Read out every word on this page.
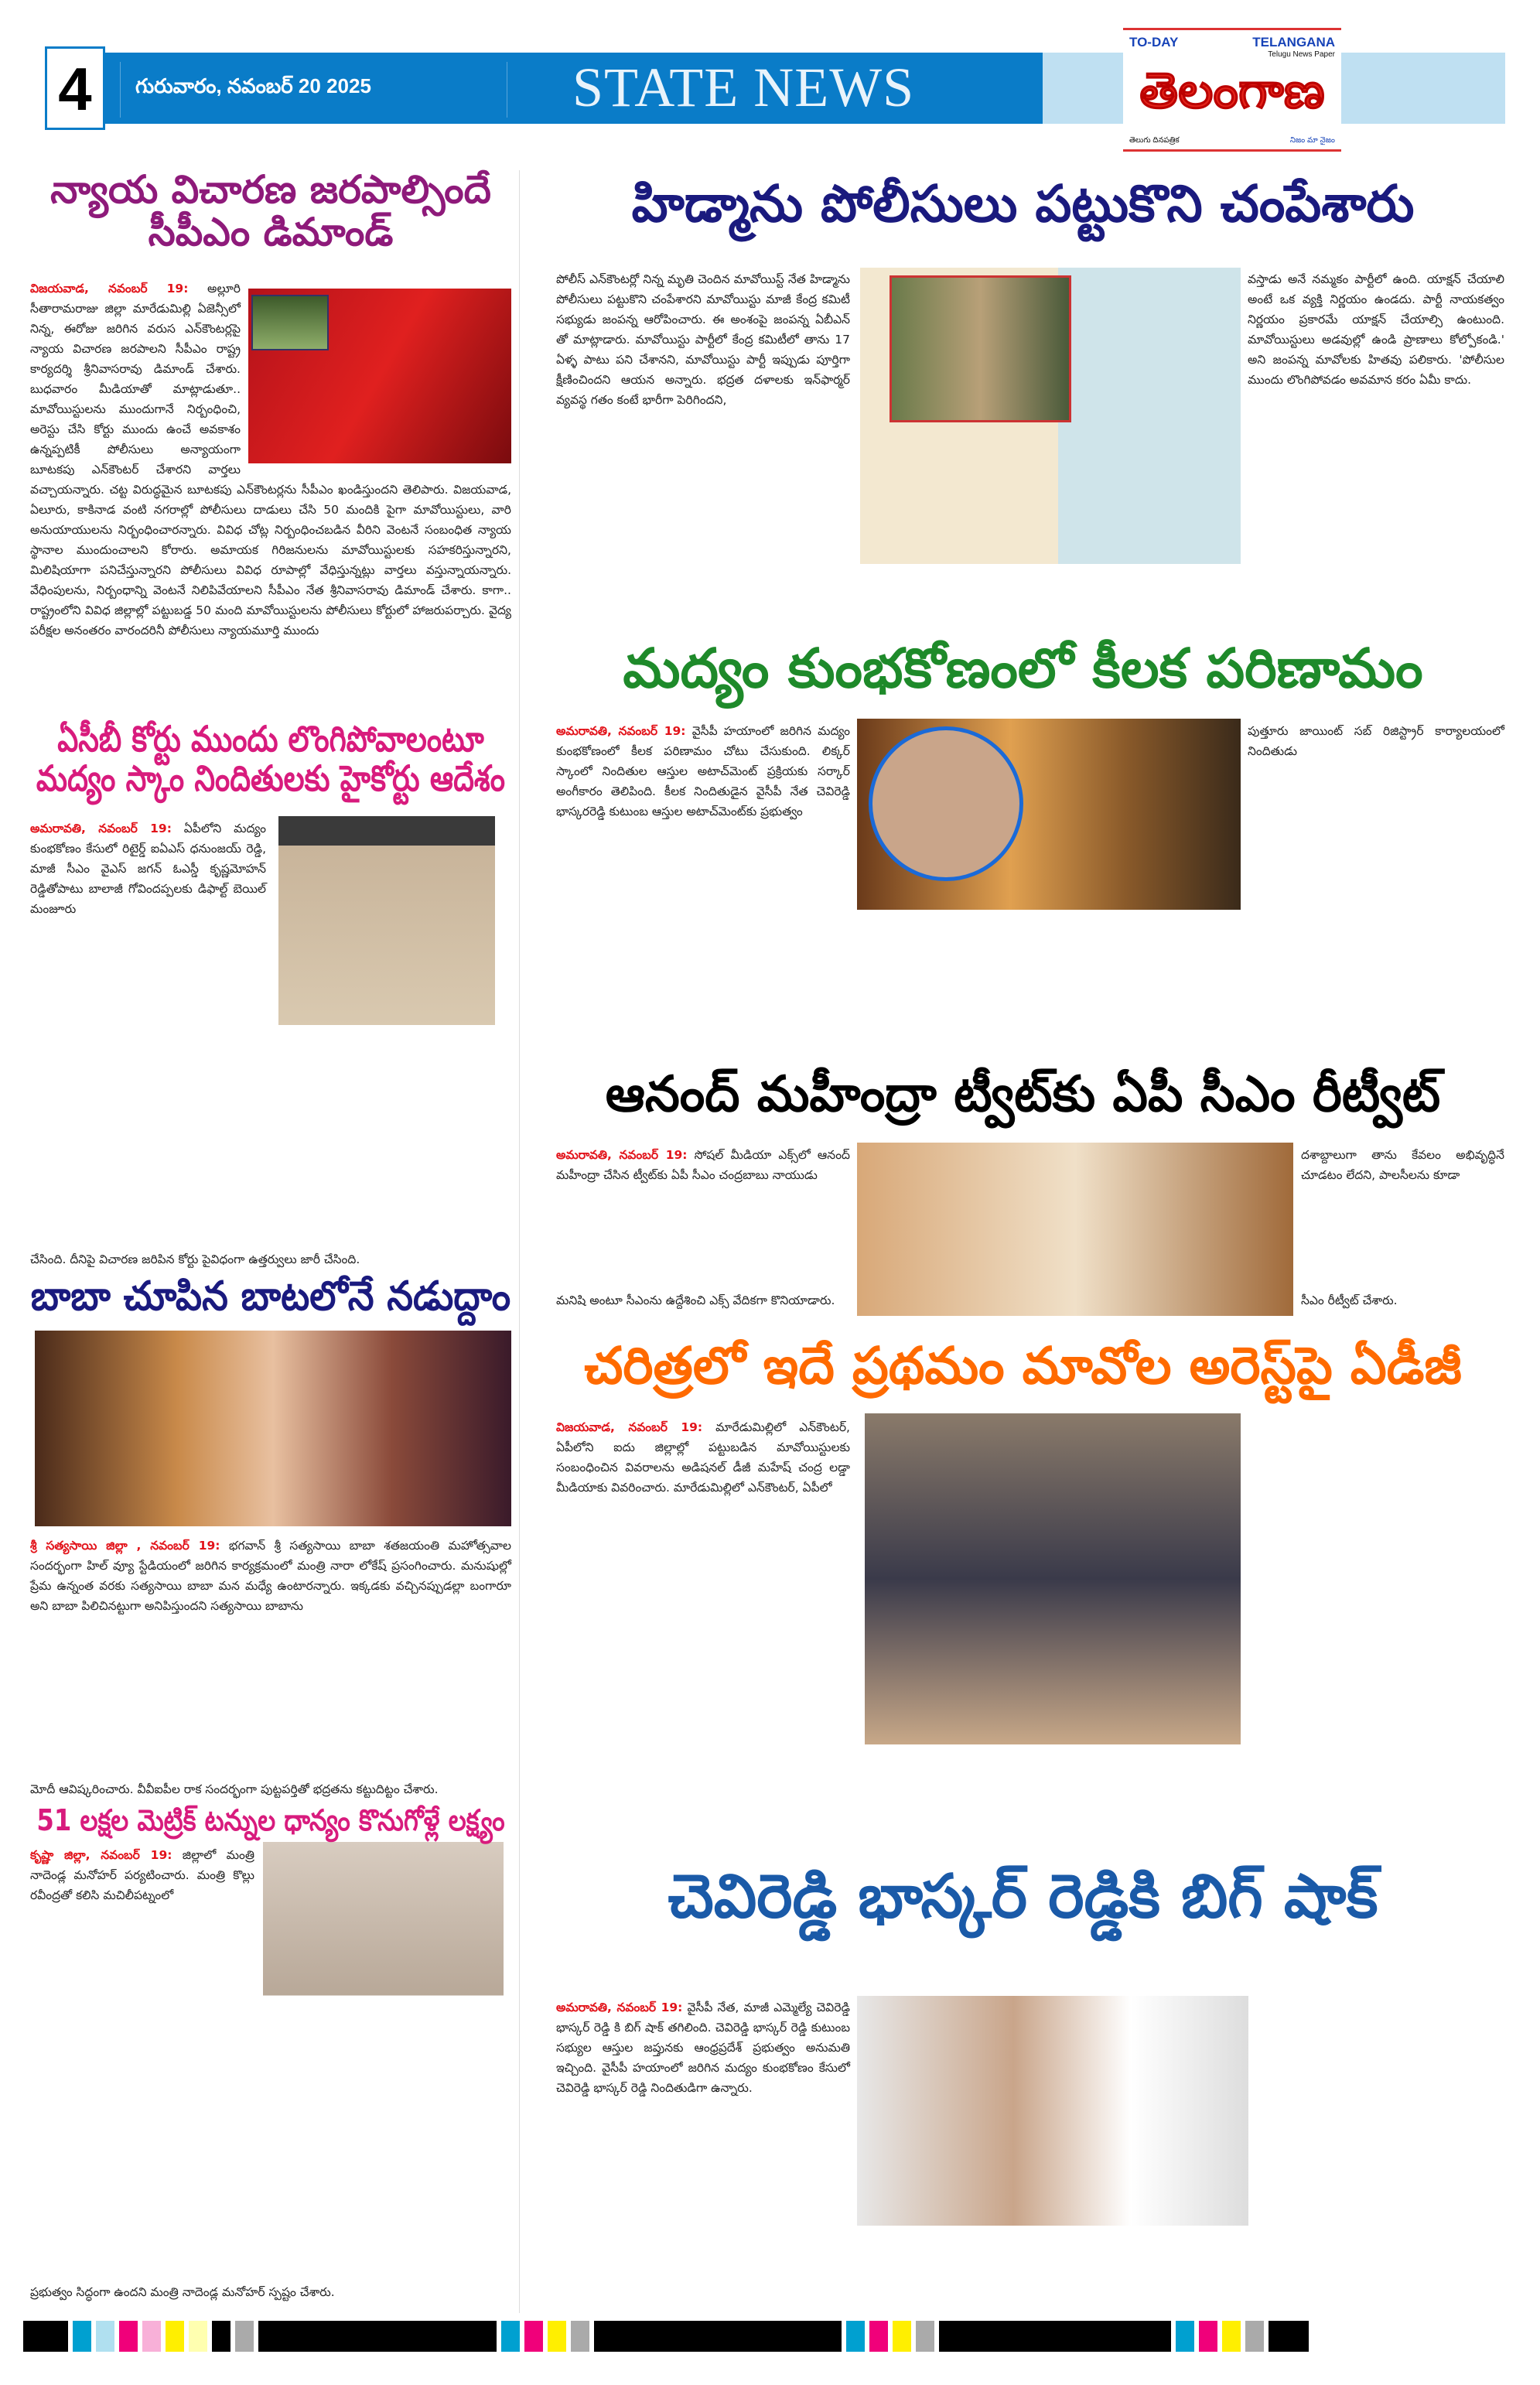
4	గురువారం, నవంబర్ 20 2025	STATE NEWS
TO-DAY	TELANGANA
Telugu News Paper
తెలంగాణ
తెలుగు దినపత్రిక	నిజం మా నైజం
న్యాయ విచారణ జరపాల్సిందే సీపీఎం డిమాండ్
విజయవాడ, నవంబర్ 19: అల్లూరి సీతారామరాజు జిల్లా మారేడుమిల్లి ఏజెన్సీలో నిన్న, ఈరోజు జరిగిన వరుస ఎన్‌కౌంటర్లపై న్యాయ విచారణ జరపాలని సీపీఎం రాష్ట్ర కార్యదర్శి శ్రీనివాసరావు డిమాండ్ చేశారు. బుధవారం మీడియాతో మాట్లాడుతూ.. మావోయిస్టులను ముందుగానే నిర్బంధించి, అరెస్టు చేసి కోర్టు ముందు ఉంచే అవకాశం ఉన్నప్పటికీ పోలీసులు అన్యాయంగా బూటకపు ఎన్‌కౌంటర్ చేశారని వార్తలు వచ్చాయన్నారు. చట్ట విరుద్ధమైన బూటకపు ఎన్‌కౌంటర్లను సీపీఎం ఖండిస్తుందని తెలిపారు. విజయవాడ, ఏలూరు, కాకినాడ వంటి నగరాల్లో పోలీసులు దాడులు చేసి 50 మందికి పైగా మావోయిస్టులు, వారి అనుయాయులను నిర్బంధించారన్నారు. వివిధ చోట్ల నిర్బంధించబడిన వీరిని వెంటనే సంబంధిత న్యాయ స్థానాల ముందుంచాలని కోరారు. అమాయక గిరిజనులను మావోయిస్టులకు సహకరిస్తున్నారని, మిలిషియాగా పనిచేస్తున్నారని పోలీసులు వివిధ రూపాల్లో వేధిస్తున్నట్లు వార్తలు వస్తున్నాయన్నారు. వేధింపులను, నిర్బంధాన్ని వెంటనే నిలిపివేయాలని సీపీఎం నేత శ్రీనివాసరావు డిమాండ్ చేశారు. కాగా.. రాష్ట్రంలోని వివిధ జిల్లాల్లో పట్టుబడ్డ 50 మంది మావోయిస్టులను పోలీసులు కోర్టులో హాజరుపర్చారు. వైద్య పరీక్షల అనంతరం వారందరినీ పోలీసులు న్యాయమూర్తి ముందు
ఏసీబీ కోర్టు ముందు లొంగిపోవాలంటూ మద్యం స్కాం నిందితులకు హైకోర్టు ఆదేశం
అమరావతి, నవంబర్ 19: ఏపీలోని మద్యం కుంభకోణం కేసులో రిటైర్డ్ ఐఏఎస్ ధనుంజయ్ రెడ్డి, మాజీ సీఎం వైఎస్ జగన్ ఓఎస్డీ కృష్ణమోహన్ రెడ్డితోపాటు బాలాజీ గోవిందప్పలకు డిఫాల్ట్ బెయిల్ మంజూరు
చేసింది. దీనిపై విచారణ జరిపిన కోర్టు పైవిధంగా ఉత్తర్వులు జారీ చేసింది.
బాబా చూపిన బాటలోనే నడుద్దాం
శ్రీ సత్యసాయి జిల్లా , నవంబర్ 19: భగవాన్ శ్రీ సత్యసాయి బాబా శతజయంతి మహోత్సవాల సందర్భంగా హిల్ వ్యూ స్టేడియంలో జరిగిన కార్యక్రమంలో మంత్రి నారా లోకేష్ ప్రసంగించారు. మనుషుల్లో ప్రేమ ఉన్నంత వరకు సత్యసాయి బాబా మన మధ్యే ఉంటారన్నారు. ఇక్కడకు వచ్చినప్పుడల్లా బంగారూ అని బాబా పిలిచినట్టుగా అనిపిస్తుందని సత్యసాయి బాబాను
మోదీ ఆవిష్కరించారు. వీవీఐపీల రాక సందర్భంగా పుట్టపర్తితో భద్రతను కట్టుదిట్టం చేశారు.
51 లక్షల మెట్రిక్ టన్నుల ధాన్యం కొనుగోళ్లే లక్ష్యం
కృష్ణా జిల్లా, నవంబర్ 19: జిల్లాలో మంత్రి నాదెండ్ల మనోహర్ పర్యటించారు. మంత్రి కొల్లు రవీంద్రతో కలిసి మచిలీపట్నంలో
ప్రభుత్వం సిద్ధంగా ఉందని మంత్రి నాదెండ్ల మనోహర్ స్పష్టం చేశారు.
హిడ్మాను పోలీసులు పట్టుకొని చంపేశారు
పోలీస్ ఎన్‌కౌంటర్లో నిన్న మృతి చెందిన మావోయిస్ట్ నేత హిడ్మాను పోలీసులు పట్టుకొని చంపేశారని మావోయిస్టు మాజీ కేంద్ర కమిటీ సభ్యుడు జంపన్న ఆరోపించారు. ఈ అంశంపై జంపన్న ఏబీఎన్ తో మాట్లాడారు. మావోయిస్టు పార్టీలో కేంద్ర కమిటీలో తాను 17 ఏళ్ళ పాటు పని చేశానని, మావోయిస్టు పార్టీ ఇప్పుడు పూర్తిగా క్షీణించిందని ఆయన అన్నారు. భద్రత దళాలకు ఇన్‌ఫార్మర్ వ్యవస్థ గతం కంటే భారీగా పెరిగిందని,
వస్తాడు అనే నమ్మకం పార్టీలో ఉంది. యాక్షన్ చేయాలి అంటే ఒక వ్యక్తి నిర్ణయం ఉండదు. పార్టీ నాయకత్వం నిర్ణయం ప్రకారమే యాక్షన్ చేయాల్సి ఉంటుంది. మావోయిస్టులు అడవుల్లో ఉండి ప్రాణాలు కోల్పోకండి.' అని జంపన్న మావోలకు హితవు పలికారు. 'పోలీసుల ముందు లొంగిపోవడం అవమాన కరం ఏమీ కాదు.
మద్యం కుంభకోణంలో కీలక పరిణామం
అమరావతి, నవంబర్ 19: వైసీపీ హయాంలో జరిగిన మద్యం కుంభకోణంలో కీలక పరిణామం చోటు చేసుకుంది. లిక్కర్ స్కాంలో నిందితుల ఆస్తుల అటాచ్‌మెంట్ ప్రక్రియకు సర్కార్ అంగీకారం తెలిపింది. కీలక నిందితుడైన వైసీపీ నేత చెవిరెడ్డి భాస్కరరెడ్డి కుటుంబ ఆస్తుల అటాచ్‌మెంట్‌కు ప్రభుత్వం
పుత్తూరు జాయింట్ సబ్ రిజిస్ట్రార్ కార్యాలయంలో నిందితుడు
ఆనంద్ మహీంద్రా ట్వీట్‌కు ఏపీ సీఎం రీట్వీట్
అమరావతి, నవంబర్ 19: సోషల్ మీడియా ఎక్స్‌లో ఆనంద్ మహీంద్రా చేసిన ట్వీట్‌కు ఏపీ సీఎం చంద్రబాబు నాయుడు
మనిషి అంటూ సీఎంను ఉద్దేశించి ఎక్స్ వేదికగా కొనియాడారు.
దశాబ్దాలుగా తాను కేవలం అభివృద్ధినే చూడటం లేదని, పాలసీలను కూడా
సీఎం రీట్వీట్ చేశారు.
చరిత్రలో ఇదే ప్రథమం మావోల అరెస్ట్‌పై ఏడీజీ
విజయవాడ, నవంబర్ 19: మారేడుమిల్లిలో ఎన్‌కౌంటర్, ఏపీలోని ఐదు జిల్లాల్లో పట్టుబడిన మావోయిస్టులకు సంబంధించిన వివరాలను అడిషనల్ డీజీ మహేష్ చంద్ర లడ్డా మీడియాకు వివరించారు. మారేడుమిల్లిలో ఎన్‌కౌంటర్, ఏపీలో
చెవిరెడ్డి భాస్కర్ రెడ్డికి బిగ్ షాక్
అమరావతి, నవంబర్ 19: వైసీపీ నేత, మాజీ ఎమ్మెల్యే చెవిరెడ్డి భాస్కర్ రెడ్డి కి బిగ్ షాక్ తగిలింది. చెవిరెడ్డి భాస్కర్ రెడ్డి కుటుంబ సభ్యుల ఆస్తుల జప్తునకు ఆంధ్రప్రదేశ్ ప్రభుత్వం అనుమతి ఇచ్చింది. వైసీపీ హయాంలో జరిగిన మద్యం కుంభకోణం కేసులో చెవిరెడ్డి భాస్కర్ రెడ్డి నిందితుడిగా ఉన్నారు.
